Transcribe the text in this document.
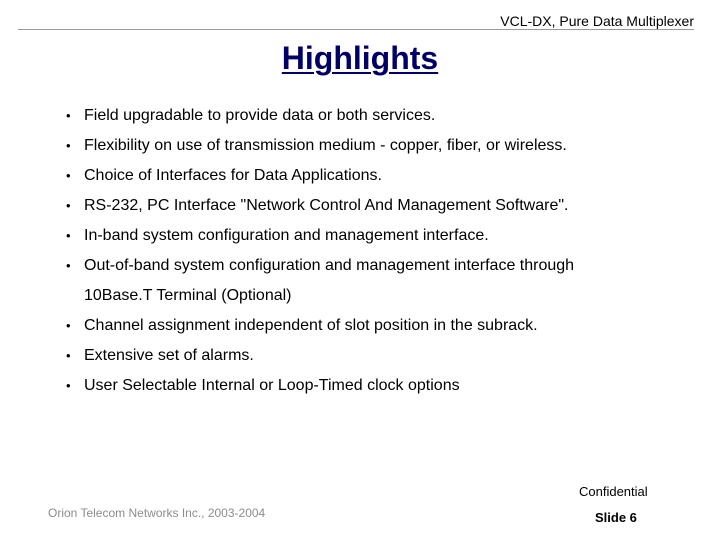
VCL-DX, Pure Data Multiplexer
Highlights
• Field upgradable to provide data or both services.
• Flexibility on use of transmission medium - copper, fiber, or wireless.
• Choice of Interfaces for Data Applications.
• RS-232, PC Interface "Network Control And Management Software".
• In-band system configuration and management interface.
• Out-of-band system configuration and management interface through
10Base.T Terminal (Optional)
• Channel assignment independent of slot position in the subrack.
• Extensive set of alarms.
• User Selectable Internal or Loop-Timed clock options
Confidential
Orion Telecom Networks Inc., 2003-2004	Slide 6
